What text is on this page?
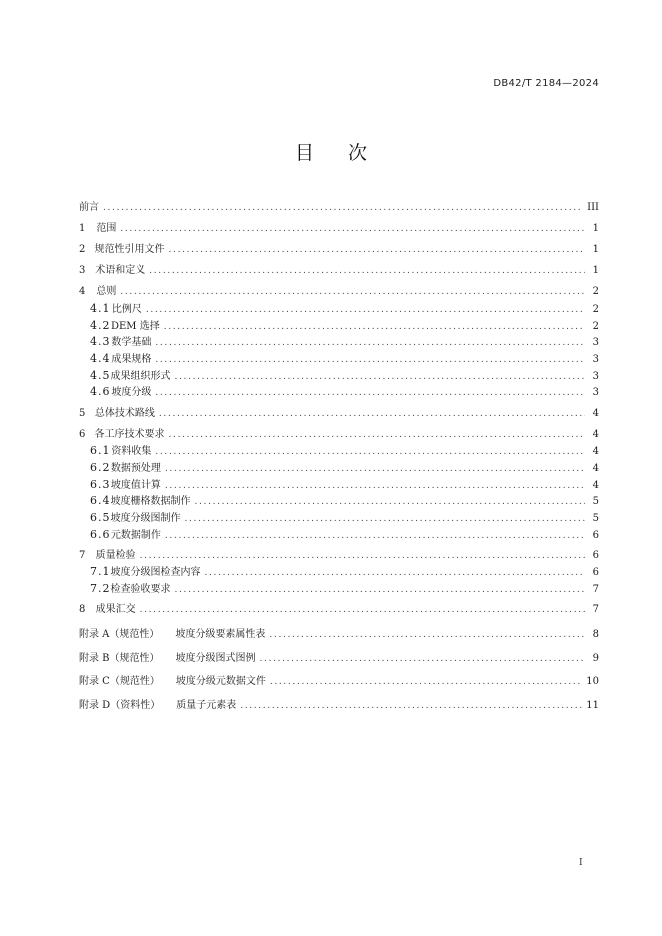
DB42/T 2184—2024
目 次
前言 . . .	III
1	范围 . . .	1
2 规范性引用文件 . . .	1
3 术语和定义 . . .	1
4	总则 . . .	2
4.1 比例尺 . . .	2
4.2 DEM 选择 . . .	2
4.3 数学基础 . . .	3
4.4 成果规格 . . .	3
4.5 成果组织形式 . . .	3
4.6 坡度分级 . . .	3
5 总体技术路线 . . .	4
6 各工序技术要求 . . .	4
6.1 资料收集 . . .	4
6.2 数据预处理 . . .	4
6.3 坡度值计算 . . .	4
6.4 坡度栅格数据制作 . . .	5
6.5 坡度分级图制作 . . .	5
6.6 元数据制作 . . .	6
7	质量检验 . . .	6
7.1 坡度分级图检查内容 . . .	6
7.2 检查验收要求 . . .	7
8	成果汇交 . . .	7
附录 A（规范性） 坡度分级要素属性表 . . .	8
附录 B（规范性） 坡度分级图式图例 . . .	9
附录 C（规范性） 坡度分级元数据文件 . . .	10
附录 D（资料性） 质量子元素表 . . .	11
I
